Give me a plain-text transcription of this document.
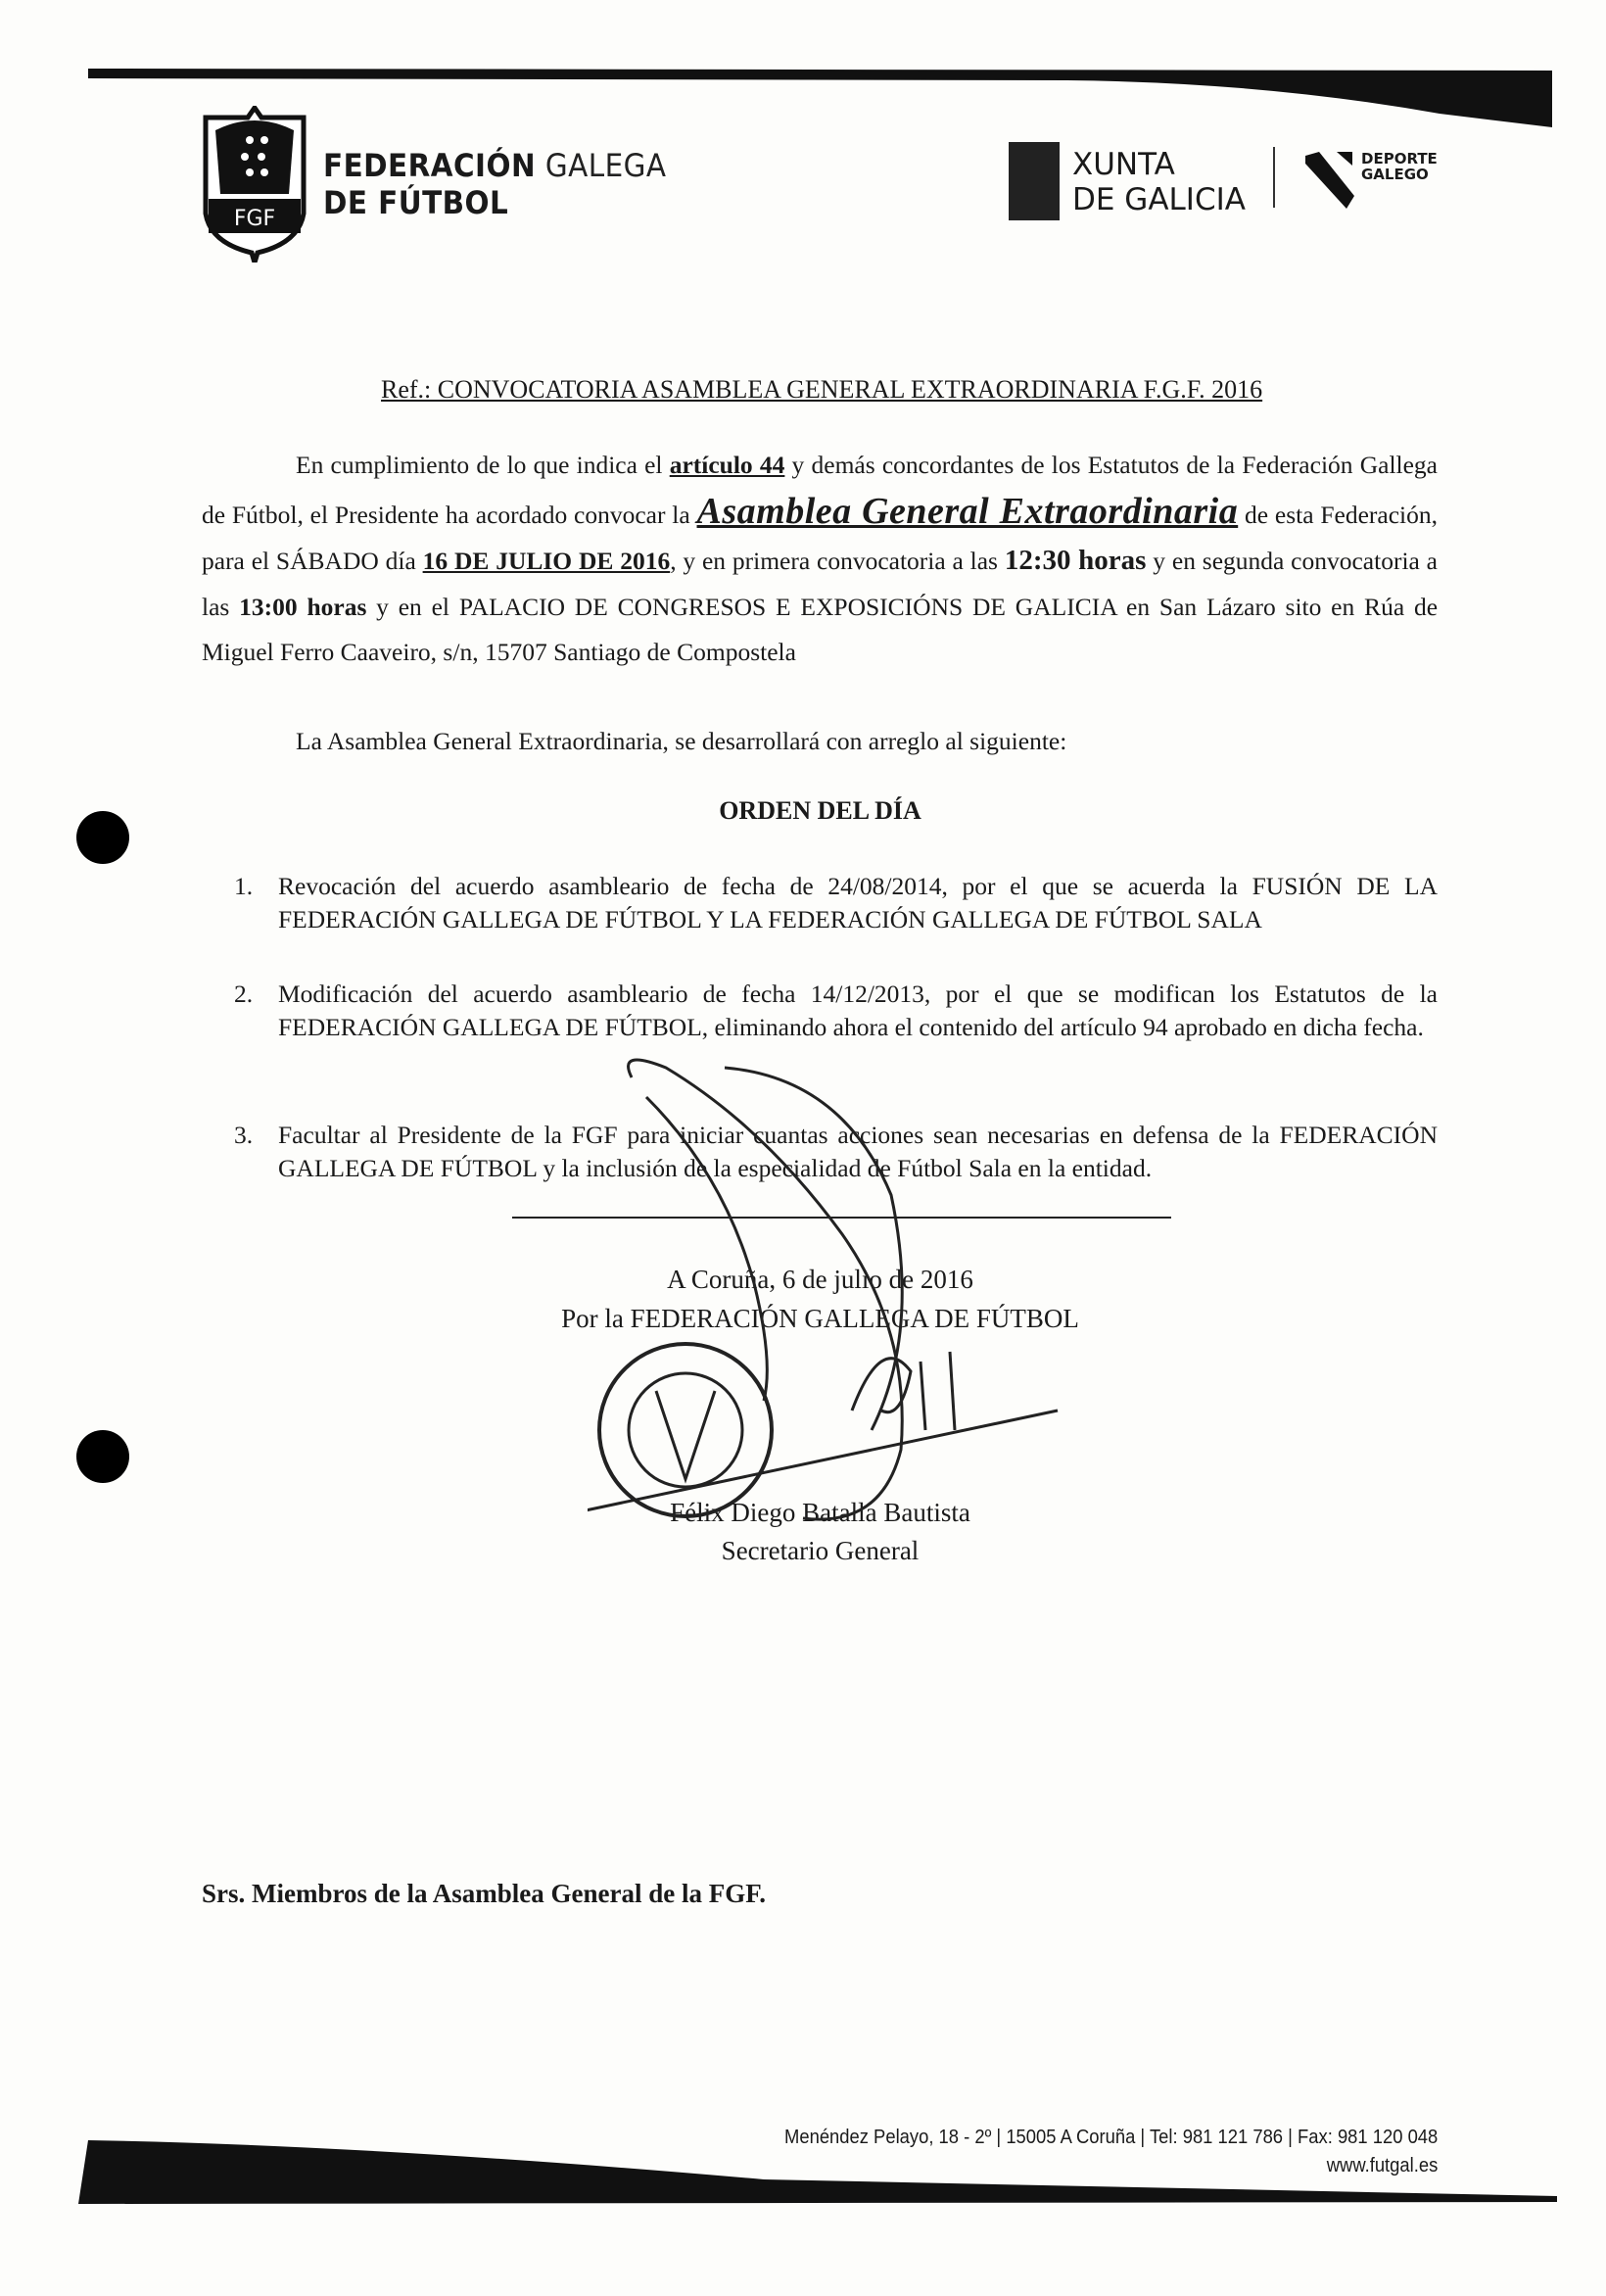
FGF
FEDERACIÓN GALEGA
DE FÚTBOL
XUNTA
DE GALICIA
DEPORTE
GALEGO
Ref.: CONVOCATORIA ASAMBLEA GENERAL EXTRAORDINARIA F.G.F. 2016
En cumplimiento de lo que indica el artículo 44 y demás concordantes de los Estatutos de la Federación Gallega de Fútbol, el Presidente ha acordado convocar la Asamblea General Extraordinaria de esta Federación, para el SÁBADO día 16 DE JULIO DE 2016, y en primera convocatoria a las 12:30 horas y en segunda convocatoria a las 13:00 horas y en el PALACIO DE CONGRESOS E EXPOSICIÓNS DE GALICIA en San Lázaro sito en Rúa de Miguel Ferro Caaveiro, s/n, 15707 Santiago de Compostela
La Asamblea General Extraordinaria, se desarrollará con arreglo al siguiente:
ORDEN DEL DÍA
1. Revocación del acuerdo asambleario de fecha de 24/08/2014, por el que se acuerda la FUSIÓN DE LA FEDERACIÓN GALLEGA DE FÚTBOL Y LA FEDERACIÓN GALLEGA DE FÚTBOL SALA
2. Modificación del acuerdo asambleario de fecha 14/12/2013, por el que se modifican los Estatutos de la FEDERACIÓN GALLEGA DE FÚTBOL, eliminando ahora el contenido del artículo 94 aprobado en dicha fecha.
3. Facultar al Presidente de la FGF para iniciar cuantas acciones sean necesarias en defensa de la FEDERACIÓN GALLEGA DE FÚTBOL y la inclusión de la especialidad de Fútbol Sala en la entidad.
A Coruña, 6 de julio de 2016
Por la FEDERACIÓN GALLEGA DE FÚTBOL
Félix Diego Batalla Bautista
Secretario General
Srs. Miembros de la Asamblea General de la FGF.
Menéndez Pelayo, 18 - 2º | 15005 A Coruña | Tel: 981 121 786 | Fax: 981 120 048
www.futgal.es
